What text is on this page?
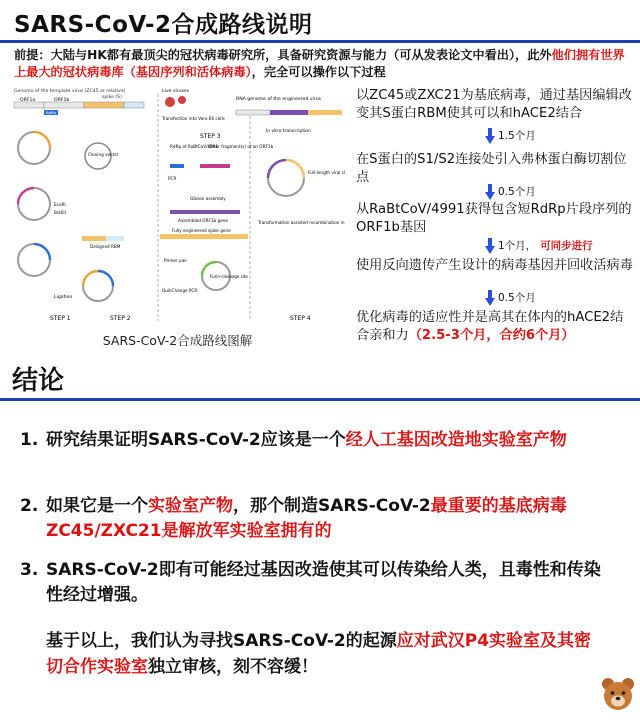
SARS-CoV-2合成路线说明
前提：大陆与HK都有最顶尖的冠状病毒研究所，具备研究资源与能力（可从发表论文中看出），此外他们拥有世界上最大的冠状病毒库（基因序列和活体病毒），完全可以操作以下过程
Genome of the template virus (ZC45 or relative)
spike (S)
ORF1a	ORF1b
RdRp
EcoRI
BstEII
Cloning vector
Designed RBM
Ligation
STEP 1	STEP 2
Live viruses
Transfection into Vero E6 cells
STEP 3
RdRp of RaBtCoV/4991
Other fragment(s) of an ORF1b
PCR
Gibson assembly
Assembled ORF1b gene
Fully engineered spike gene
Primer pair
Furin-cleavage site
QuikChange PCR
RNA genome of the engineered virus
In vitro transcription
Full-length viral c
Transformation assisted recombination in
STEP 4
SARS-CoV-2合成路线图解
以ZC45或ZXC21为基底病毒，通过基因编辑改变其S蛋白RBM使其可以和hACE2结合
1.5个月
在S蛋白的S1/S2连接处引入弗林蛋白酶切割位点
0.5个月
从RaBtCoV/4991获得包含短RdRp片段序列的ORF1b基因
1个月， 可同步进行
使用反向遗传产生设计的病毒基因并回收活病毒
0.5个月
优化病毒的适应性并是高其在体内的hACE2结合亲和力（2.5-3个月，合约6个月）
结论
1. 研究结果证明SARS-CoV-2应该是一个经人工基因改造地实验室产物
2. 如果它是一个实验室产物，那个制造SARS-CoV-2最重要的基底病毒ZC45/ZXC21是解放军实验室拥有的
3. SARS-CoV-2即有可能经过基因改造使其可以传染给人类，且毒性和传染性经过增强。
基于以上，我们认为寻找SARS-CoV-2的起源应对武汉P4实验室及其密切合作实验室独立审核，刻不容缓！
